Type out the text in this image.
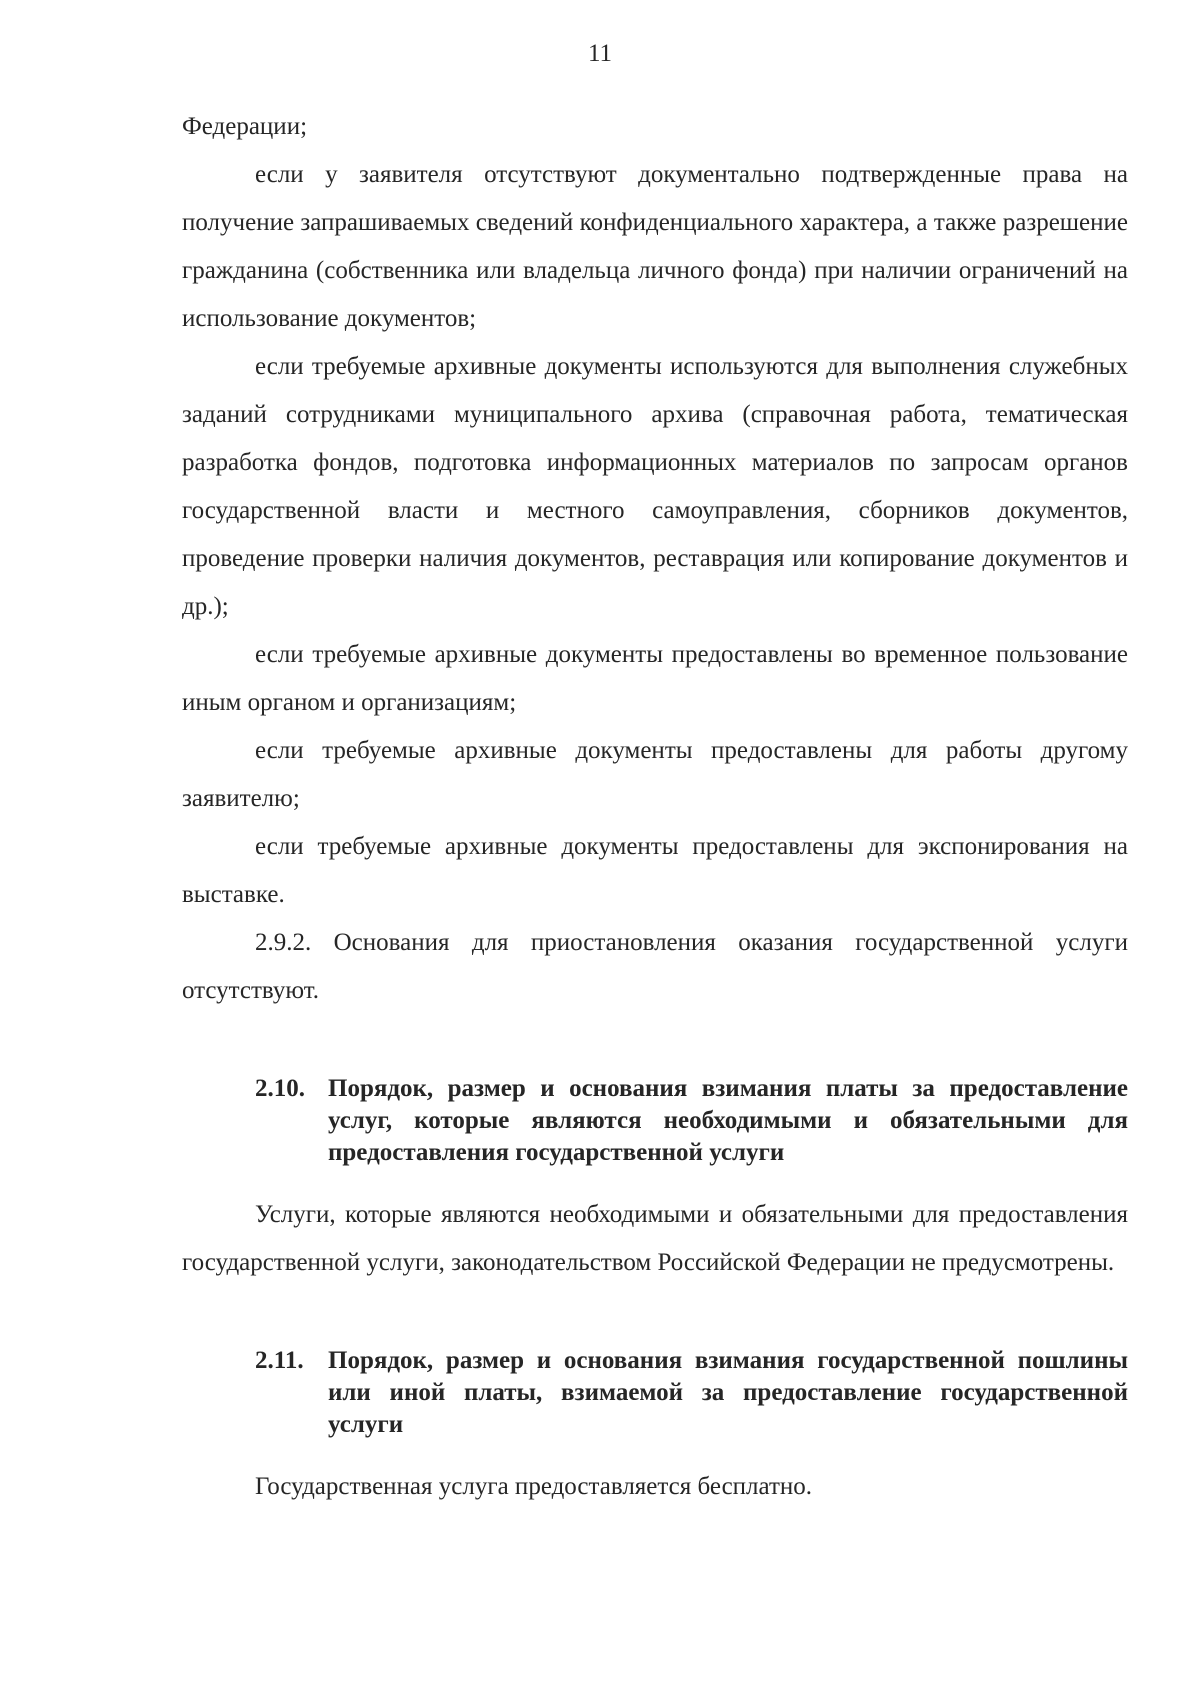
11

Федерации;

если у заявителя отсутствуют документально подтвержденные права на получение запрашиваемых сведений конфиденциального характера, а также разрешение гражданина (собственника или владельца личного фонда) при наличии ограничений на использование документов;

если требуемые архивные документы используются для выполнения служебных заданий сотрудниками муниципального архива (справочная работа, тематическая разработка фондов, подготовка информационных материалов по запросам органов государственной власти и местного самоуправления, сборников документов, проведение проверки наличия документов, реставрация или копирование документов и др.);

если требуемые архивные документы предоставлены во временное пользование иным органом и организациям;

если требуемые архивные документы предоставлены для работы другому заявителю;

если требуемые архивные документы предоставлены для экспонирования на выставке.

2.9.2. Основания для приостановления оказания государственной услуги отсутствуют.

2.10. Порядок, размер и основания взимания платы за предоставление услуг, которые являются необходимыми и обязательными для предоставления государственной услуги

Услуги, которые являются необходимыми и обязательными для предоставления государственной услуги, законодательством Российской Федерации не предусмотрены.

2.11. Порядок, размер и основания взимания государственной пошлины или иной платы, взимаемой за предоставление государственной услуги

Государственная услуга предоставляется бесплатно.
